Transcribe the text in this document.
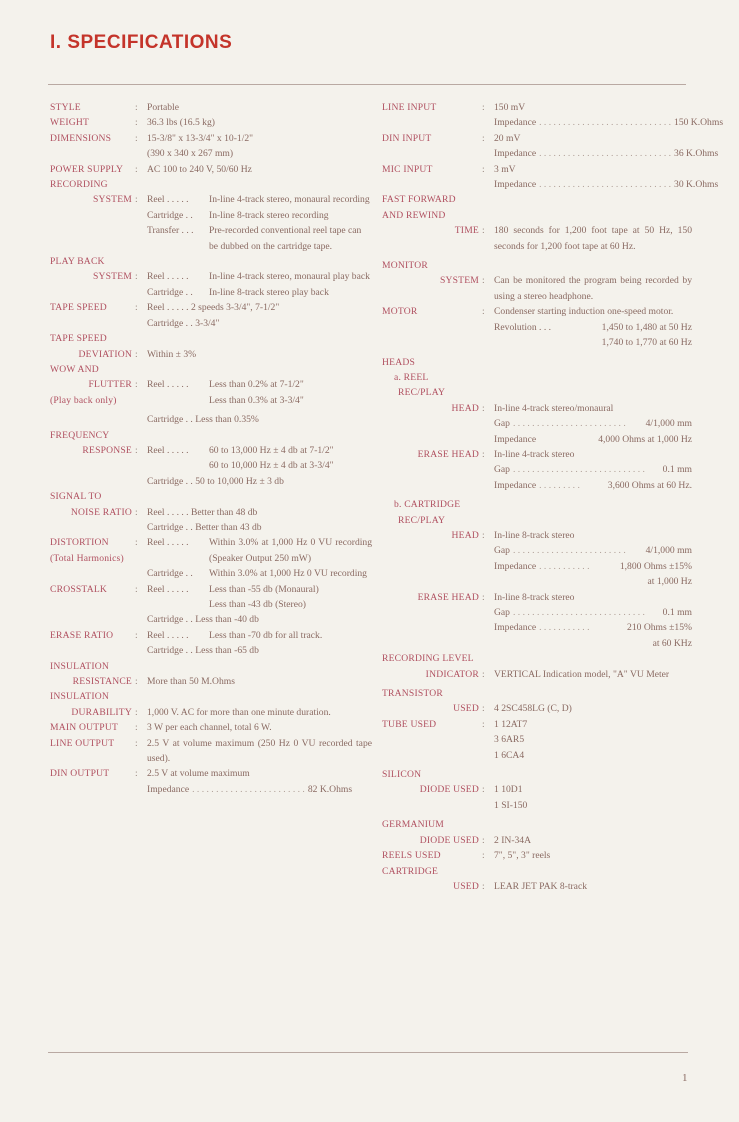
I. SPECIFICATIONS
STYLE	: Portable
WEIGHT	: 36.3 lbs (16.5 kg)
DIMENSIONS	: 15-3/8" x 13-3/4" x 10-1/2"
(390 x 340 x 267 mm)
POWER SUPPLY	: AC 100 to 240 V, 50/60 Hz
RECORDING
SYSTEM : Reel . . . . .	In-line 4-track stereo, monaural recording
Cartridge . .	In-line 8-track stereo recording
Transfer . . .	Pre-recorded conventional reel tape can be dubbed on the cartridge tape.
PLAY BACK
SYSTEM : Reel . . . . .	In-line 4-track stereo, monaural play back
Cartridge . .	In-line 8-track stereo play back
TAPE SPEED	: Reel . . . . . 2 speeds 3-3/4", 7-1/2"
Cartridge . . 3-3/4"
TAPE SPEED
DEVIATION : Within ± 3%
WOW AND
FLUTTER
(Play back only)
: Reel . . . . .	Less than 0.2% at 7-1/2"
Less than 0.3% at 3-3/4"
Cartridge . . Less than 0.35%
FREQUENCY
RESPONSE : Reel . . . . .	60 to 13,000 Hz ± 4 db at 7-1/2"
60 to 10,000 Hz ± 4 db at 3-3/4"
Cartridge . . 50 to 10,000 Hz ± 3 db
SIGNAL TO
NOISE RATIO : Reel . . . . . Better than 48 db
Cartridge . . Better than 43 db
DISTORTION
(Total Harmonics)
: Reel . . . . .	Within 3.0% at 1,000 Hz 0 VU recording (Speaker Output 250 mW)
Cartridge . .	Within 3.0% at 1,000 Hz 0 VU recording
CROSSTALK	: Reel . . . . .	Less than -55 db (Monaural)
Less than -43 db (Stereo)
Cartridge . . Less than -40 db
ERASE RATIO	: Reel . . . . .	Less than -70 db for all track.
Cartridge . . Less than -65 db
INSULATION
RESISTANCE : More than 50 M.Ohms
INSULATION
DURABILITY : 1,000 V. AC for more than one minute duration.
MAIN OUTPUT	: 3 W per each channel, total 6 W.
LINE OUTPUT	: 2.5 V at volume maximum (250 Hz 0 VU recorded tape used).
DIN OUTPUT	: 2.5 V at volume maximum
Impedance . . . . . . . . . . . . . . . . . . . . . . . . 82 K.Ohms
LINE INPUT	: 150 mV
Impedance . . . . . . . . . . . . . . . . . . . . . . . . . . . . 150 K.Ohms
DIN INPUT	: 20 mV
Impedance . . . . . . . . . . . . . . . . . . . . . . . . . . . . 36 K.Ohms
MIC INPUT	: 3 mV
Impedance . . . . . . . . . . . . . . . . . . . . . . . . . . . . 30 K.Ohms
FAST FORWARD
AND REWIND
TIME : 180 seconds for 1,200 foot tape at 50 Hz, 150 seconds for 1,200 foot tape at 60 Hz.
MONITOR
SYSTEM : Can be monitored the program being recorded by using a stereo headphone.
MOTOR	: Condenser starting induction one-speed motor.
Revolution . . .	1,450 to 1,480 at 50 Hz
1,740 to 1,770 at 60 Hz
HEADS
a. REEL
REC/PLAY
HEAD : In-line 4-track stereo/monaural
Gap . . . . . . . . . . . . . . . . . . . . . . . .	4/1,000 mm
Impedance	4,000 Ohms at 1,000 Hz
ERASE HEAD : In-line 4-track stereo
Gap . . . . . . . . . . . . . . . . . . . . . . . . . . . .	0.1 mm
Impedance . . . . . . . . .	3,600 Ohms at 60 Hz.
b. CARTRIDGE
REC/PLAY
HEAD : In-line 8-track stereo
Gap . . . . . . . . . . . . . . . . . . . . . . . .	4/1,000 mm
Impedance . . . . . . . . . . .	1,800 Ohms ±15%
at 1,000 Hz
ERASE HEAD : In-line 8-track stereo
Gap . . . . . . . . . . . . . . . . . . . . . . . . . . . .	0.1 mm
Impedance . . . . . . . . . . .	210 Ohms ±15%
at 60 KHz
RECORDING LEVEL
INDICATOR : VERTICAL Indication model, "A" VU Meter
TRANSISTOR
USED : 4 2SC458LG (C, D)
TUBE USED	: 1 12AT7
3 6AR5
1 6CA4
SILICON
DIODE USED : 1 10D1
1 SI-150
GERMANIUM
DIODE USED : 2 IN-34A
REELS USED	: 7", 5", 3" reels
CARTRIDGE
USED : LEAR JET PAK 8-track
1
